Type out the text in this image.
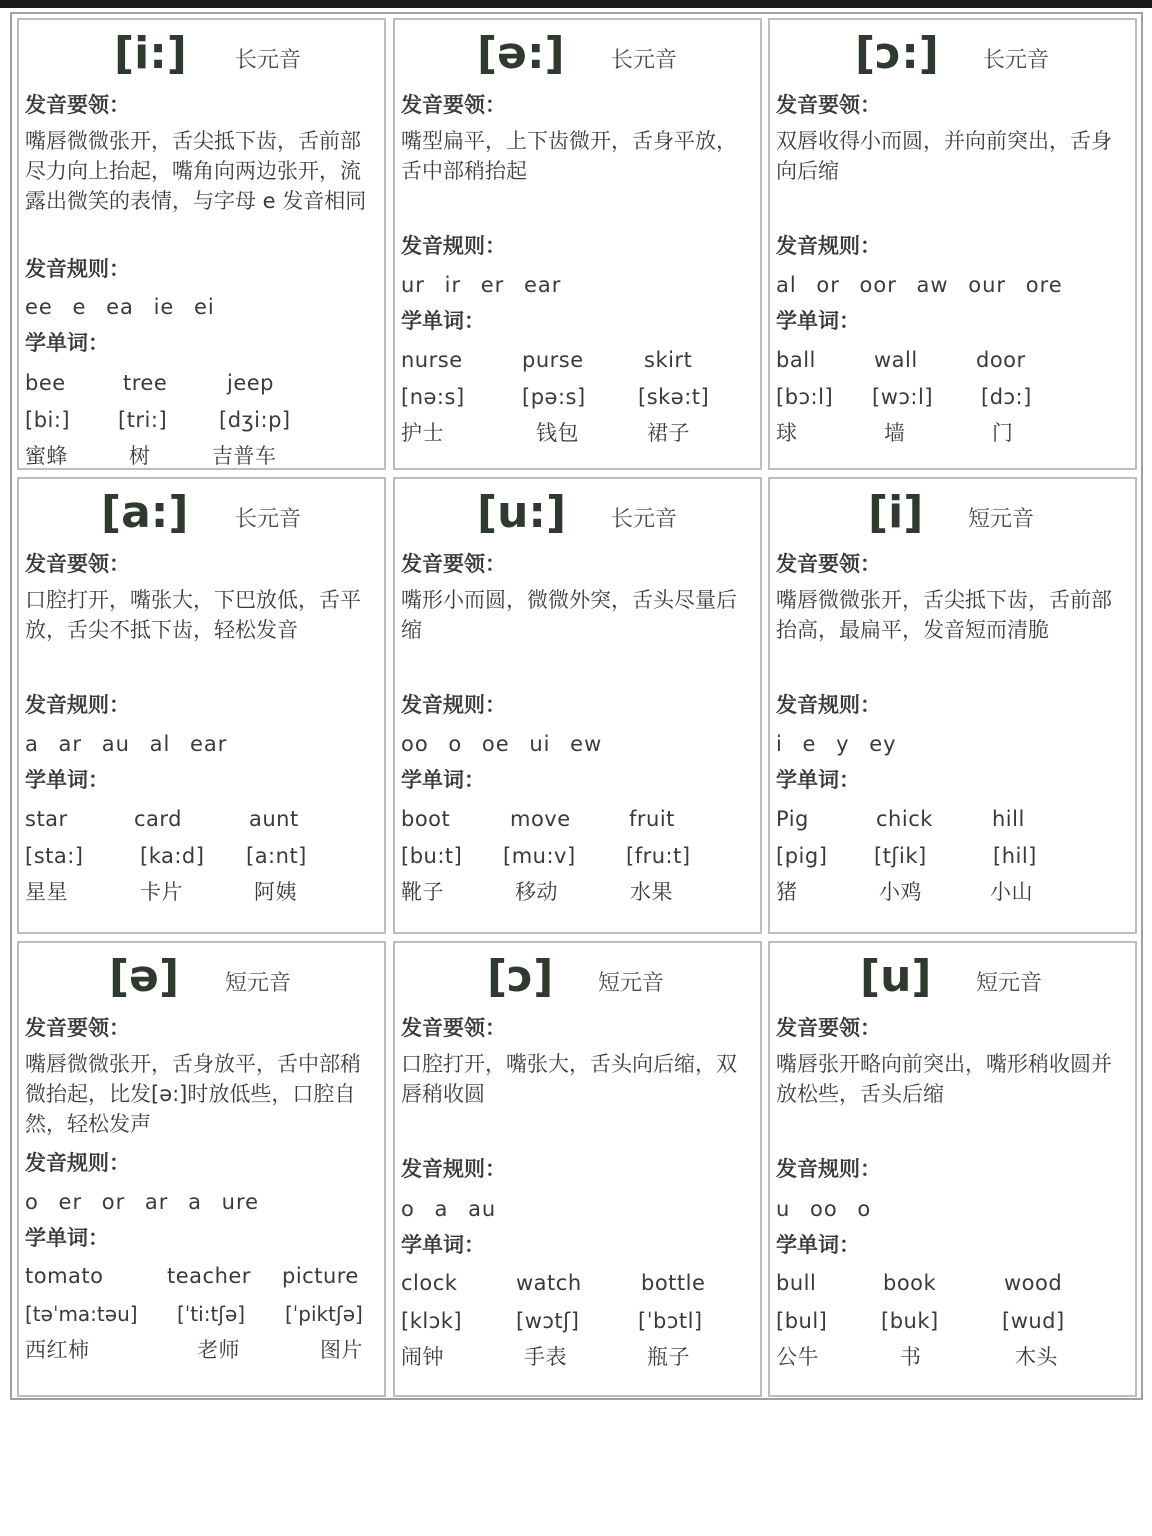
[i:] 长元音
发音要领：
嘴唇微微张开，舌尖抵下齿，舌前部尽力向上抬起，嘴角向两边张开，流露出微笑的表情，与字母 e 发音相同
发音规则：
ee e ea ie ei
学单词：
bee	tree	jeep
[bi:] [tri:] [dʒi:p]
蜜蜂	树	吉普车
[ə:] 长元音
发音要领：
嘴型扁平，上下齿微开，舌身平放，舌中部稍抬起
发音规则：
ur ir er ear
学单词：
nurse	purse	skirt
[nə:s]	[pə:s] [skə:t]
护士	钱包	裙子
[ɔ:] 长元音
发音要领：
双唇收得小而圆，并向前突出，舌身向后缩
发音规则：
al or oor aw our ore
学单词：
ball	wall	door
[bɔ:l] [wɔ:l] [dɔ:]
球	墙	门
[a:] 长元音
发音要领：
口腔打开，嘴张大，下巴放低，舌平放，舌尖不抵下齿，轻松发音
发音规则：
a ar au al ear
学单词：
star	card	aunt
[sta:]	[ka:d] [a:nt]
星星	卡片	阿姨
[u:] 长元音
发音要领：
嘴形小而圆，微微外突，舌头尽量后缩
发音规则：
oo o oe ui ew
学单词：
boot	move	fruit
[bu:t] [mu:v] [fru:t]
靴子	移动	水果
[i] 短元音
发音要领：
嘴唇微微张开，舌尖抵下齿，舌前部抬高，最扁平，发音短而清脆
发音规则：
i e y ey
学单词：
Pig	chick	hill
[pig] [tʃik]	[hil]
猪	小鸡	小山
[ə] 短元音
发音要领：
嘴唇微微张开，舌身放平，舌中部稍微抬起，比发[ə:]时放低些，口腔自然，轻松发声
发音规则：
o er or ar a ure
学单词：
tomato	teacher picture
[təˈma:təu] [ˈti:tʃə] [ˈpiktʃə]
西红柿	老师	图片
[ɔ] 短元音
发音要领：
口腔打开，嘴张大，舌头向后缩，双唇稍收圆
发音规则：
o a au
学单词：
clock	watch	bottle
[klɔk]	[wɔtʃ]	[ˈbɔtl]
闹钟	手表	瓶子
[u] 短元音
发音要领：
嘴唇张开略向前突出，嘴形稍收圆并放松些，舌头后缩
发音规则：
u oo o
学单词：
bull	book	wood
[bul]	[buk]	[wud]
公牛	书	木头
